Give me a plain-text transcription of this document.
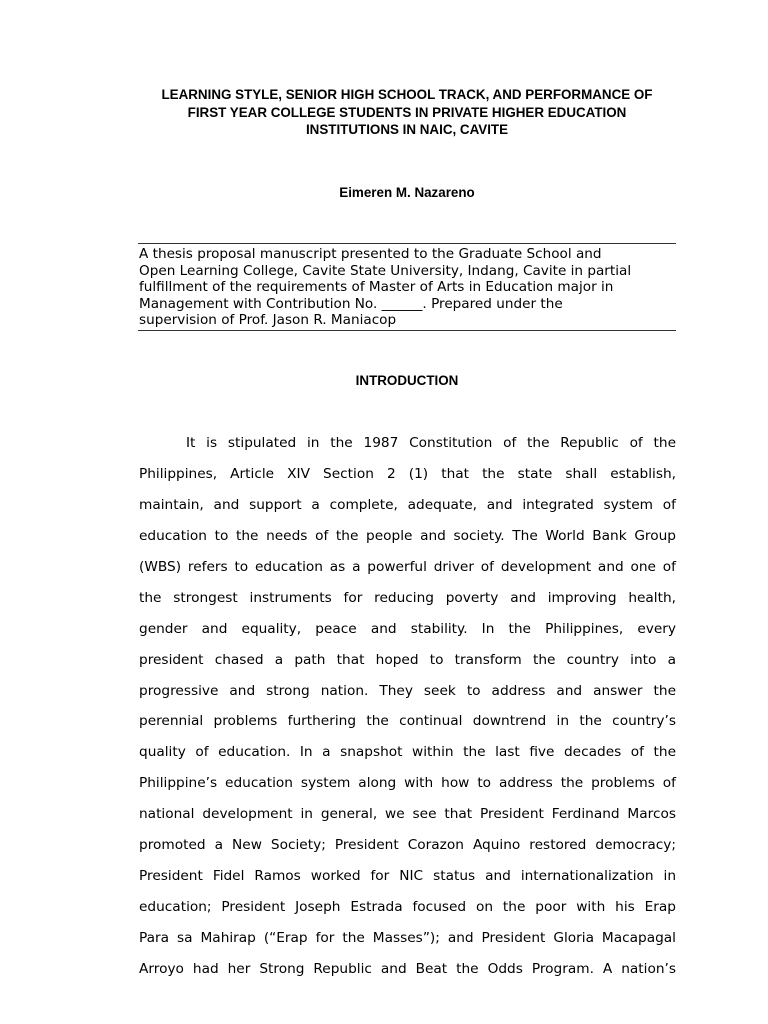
LEARNING STYLE, SENIOR HIGH SCHOOL TRACK, AND PERFORMANCE OF
FIRST YEAR COLLEGE STUDENTS IN PRIVATE HIGHER EDUCATION
INSTITUTIONS IN NAIC, CAVITE
Eimeren M. Nazareno
A thesis proposal manuscript presented to the Graduate School and
Open Learning College, Cavite State University, Indang, Cavite in partial
fulfillment of the requirements of Master of Arts in Education major in
Management with Contribution No. ______. Prepared under the
supervision of Prof. Jason R. Maniacop
INTRODUCTION
It is stipulated in the 1987 Constitution of the Republic of the
Philippines, Article XIV Section 2 (1) that the state shall establish,
maintain, and support a complete, adequate, and integrated system of
education to the needs of the people and society. The World Bank Group
(WBS) refers to education as a powerful driver of development and one of
the strongest instruments for reducing poverty and improving health,
gender and equality, peace and stability. In the Philippines, every
president chased a path that hoped to transform the country into a
progressive and strong nation. They seek to address and answer the
perennial problems furthering the continual downtrend in the country’s
quality of education. In a snapshot within the last five decades of the
Philippine’s education system along with how to address the problems of
national development in general, we see that President Ferdinand Marcos
promoted a New Society; President Corazon Aquino restored democracy;
President Fidel Ramos worked for NIC status and internationalization in
education; President Joseph Estrada focused on the poor with his Erap
Para sa Mahirap (“Erap for the Masses”); and President Gloria Macapagal
Arroyo had her Strong Republic and Beat the Odds Program. A nation’s
